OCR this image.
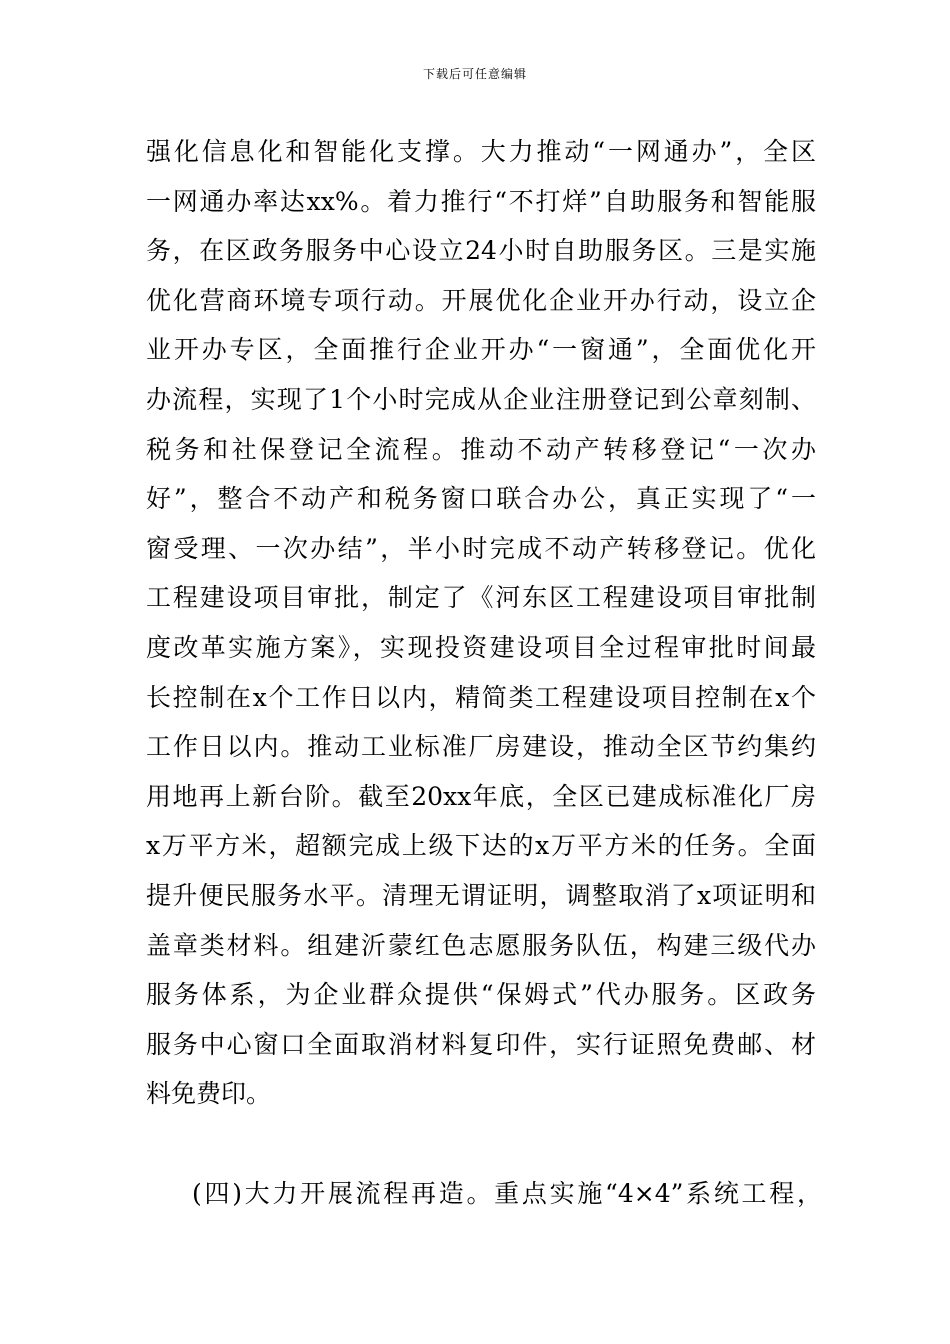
下载后可任意编辑
强化信息化和智能化支撑。大力推动“一网通办”，全区
一网通办率达xx%。着力推行“不打烊”自助服务和智能服
务，在区政务服务中心设立24小时自助服务区。三是实施
优化营商环境专项行动。开展优化企业开办行动，设立企
业开办专区，全面推行企业开办“一窗通”，全面优化开
办流程，实现了1个小时完成从企业注册登记到公章刻制、
税务和社保登记全流程。推动不动产转移登记“一次办
好”，整合不动产和税务窗口联合办公，真正实现了“一
窗受理、一次办结”，半小时完成不动产转移登记。优化
工程建设项目审批，制定了《河东区工程建设项目审批制
度改革实施方案》，实现投资建设项目全过程审批时间最
长控制在x个工作日以内，精简类工程建设项目控制在x个
工作日以内。推动工业标准厂房建设，推动全区节约集约
用地再上新台阶。截至20xx年底，全区已建成标准化厂房
x万平方米，超额完成上级下达的x万平方米的任务。全面
提升便民服务水平。清理无谓证明，调整取消了x项证明和
盖章类材料。组建沂蒙红色志愿服务队伍，构建三级代办
服务体系，为企业群众提供“保姆式”代办服务。区政务
服务中心窗口全面取消材料复印件，实行证照免费邮、材
料免费印。
(四)大力开展流程再造。重点实施“4×4”系统工程，
